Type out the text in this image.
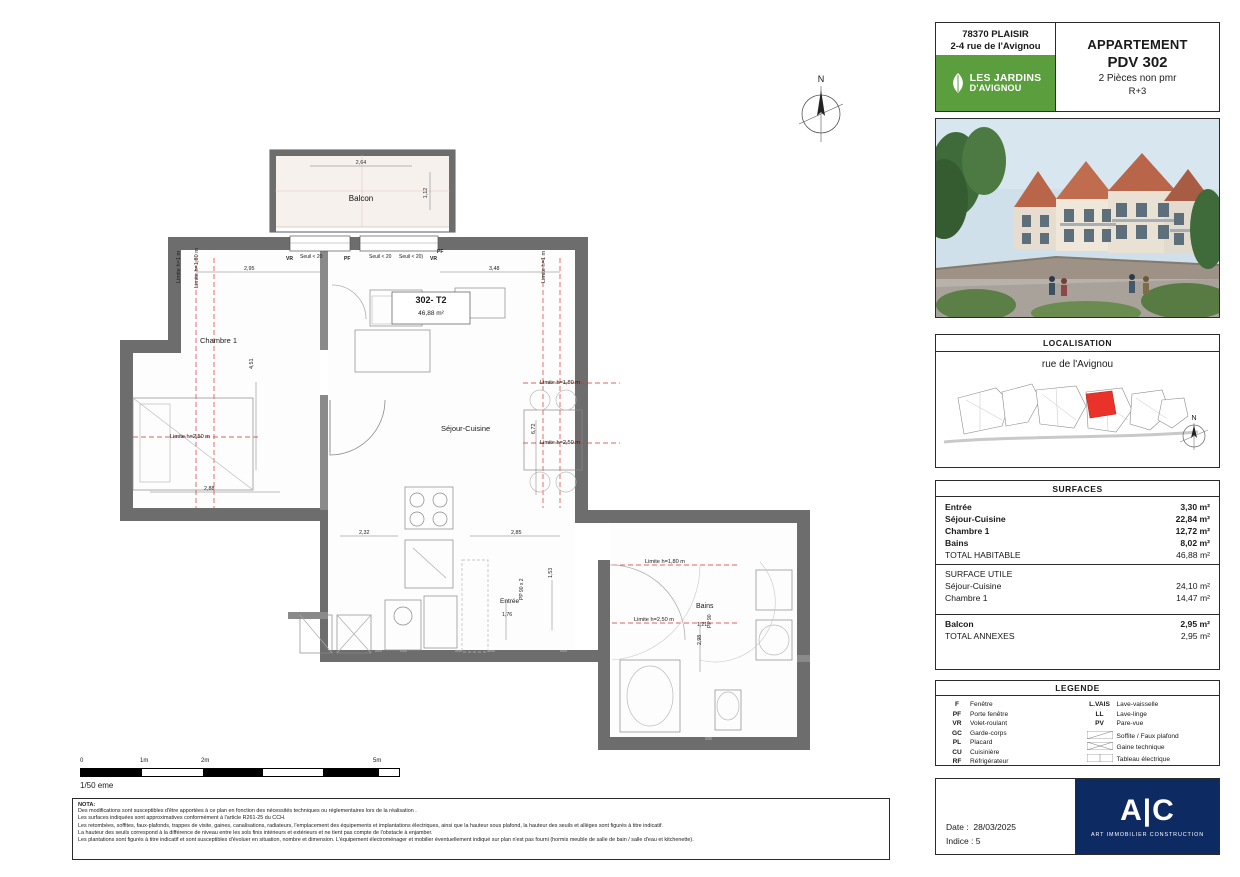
Balcon
2,64
1,12
302- T2
46,88 m²
Chambre 1
Séjour-Cuisine
Entrée
Bains
Limite h=1 m Limite h=1,80 m
Limite h=2,50 m
Limite h=1 m
Limite h=1,80 m
Limite h=2,50 m
Limite h=1,80 m
Limite h=2,50 m
2,95	3,48
4,51
2,88
6,72
2,32	2,85
1,53
1,76
2,98
1,21
Seuil < 20	Seuil < 20 Seuil < 20)
VR	PF	VR
PF
PP 90 x 2
PP 90
N
0	1m	2m	5m
1/50 eme
NOTA:
Des modifications sont susceptibles d'être apportées à ce plan en fonction des nécessités techniques ou réglementaires lors de la réalisation .
Les surfaces indiquées sont approximatives conformément à l'article R261-25 du CCH.
Les retombées, soffites, faux-plafonds, trappes de visite, gaines, canalisations, radiateurs, l'emplacement des équipements et implantations électriques, ainsi que la hauteur sous plafond, la hauteur des seuils et allèges sont figurés à titre indicatif.
La hauteur des seuils correspond à la différence de niveau entre les sols finis intérieurs et extérieurs et ne tient pas compte de l'obstacle à enjamber.
Les plantations sont figurés à titre indicatif et sont susceptibles d'évoluer en situation, nombre et dimension. L'équipement électroménager et mobilier éventuellement indiqué sur plan n'est pas fourni (hormis meuble de salle de bain / salle d'eau et kitchenette).
78370 PLAISIR
2-4 rue de l'Avignou
LES JARDINS
D'AVIGNOU
APPARTEMENT
PDV 302
2 Pièces non pmr
R+3
LOCALISATION
rue de l'Avignou
N
SURFACES
Entrée	3,30 m²
Séjour-Cuisine	22,84 m²
Chambre 1	12,72 m²
Bains	8,02 m²
TOTAL HABITABLE	46,88 m²
SURFACE UTILE
Séjour-Cuisine	24,10 m²
Chambre 1	14,47 m²
Balcon	2,95 m²
TOTAL ANNEXES	2,95 m²
LEGENDE
F	Fenêtre
PF	Porte fenêtre
VR	Volet-roulant
GC	Garde-corps
PL	Placard
CU	Cuisinière
RF	Réfrigérateur
L.VAIS	Lave-vaisselle
LL	Lave-linge
PV	Pare-vue
Soffite / Faux plafond
Gaine technique
Tableau électrique
Date : 28/03/2025
Indice : 5
A|C
ART IMMOBILIER CONSTRUCTION
